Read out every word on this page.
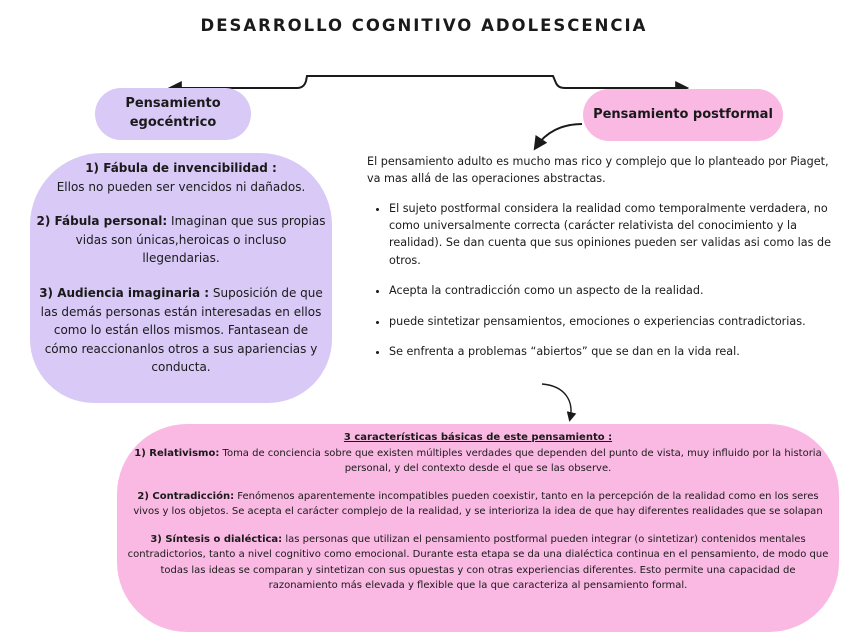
DESARROLLO COGNITIVO ADOLESCENCIA
Pensamiento egocéntrico
Pensamiento postformal

1) Fábula de invencibilidad :
Ellos no pueden ser vencidos ni dañados.

2) Fábula personal: Imaginan que sus propias vidas son únicas,heroicas o incluso llegendarias.

3) Audiencia imaginaria : Suposición de que las demás personas están interesadas en ellos como lo están ellos mismos. Fantasean de cómo reaccionanlos otros a sus apariencias y conducta.

El pensamiento adulto es mucho mas rico y complejo que lo planteado por Piaget, va mas allá de las operaciones abstractas.

• El sujeto postformal considera la realidad como temporalmente verdadera, no como universalmente correcta (carácter relativista del conocimiento y la realidad). Se dan cuenta que sus opiniones pueden ser validas asi como las de otros.
• Acepta la contradicción como un aspecto de la realidad.
• puede sintetizar pensamientos, emociones o experiencias contradictorias.
• Se enfrenta a problemas “abiertos” que se dan en la vida real.

3 características básicas de este pensamiento :

1) Relativismo: Toma de conciencia sobre que existen múltiples verdades que dependen del punto de vista, muy influido por la historia personal, y del contexto desde el que se las observe.

2) Contradicción: Fenómenos aparentemente incompatibles pueden coexistir, tanto en la percepción de la realidad como en los seres vivos y los objetos. Se acepta el carácter complejo de la realidad, y se interioriza la idea de que hay diferentes realidades que se solapan

3) Síntesis o dialéctica: las personas que utilizan el pensamiento postformal pueden integrar (o sintetizar) contenidos mentales contradictorios, tanto a nivel cognitivo como emocional. Durante esta etapa se da una dialéctica continua en el pensamiento, de modo que todas las ideas se comparan y sintetizan con sus opuestas y con otras experiencias diferentes. Esto permite una capacidad de razonamiento más elevada y flexible que la que caracteriza al pensamiento formal.
